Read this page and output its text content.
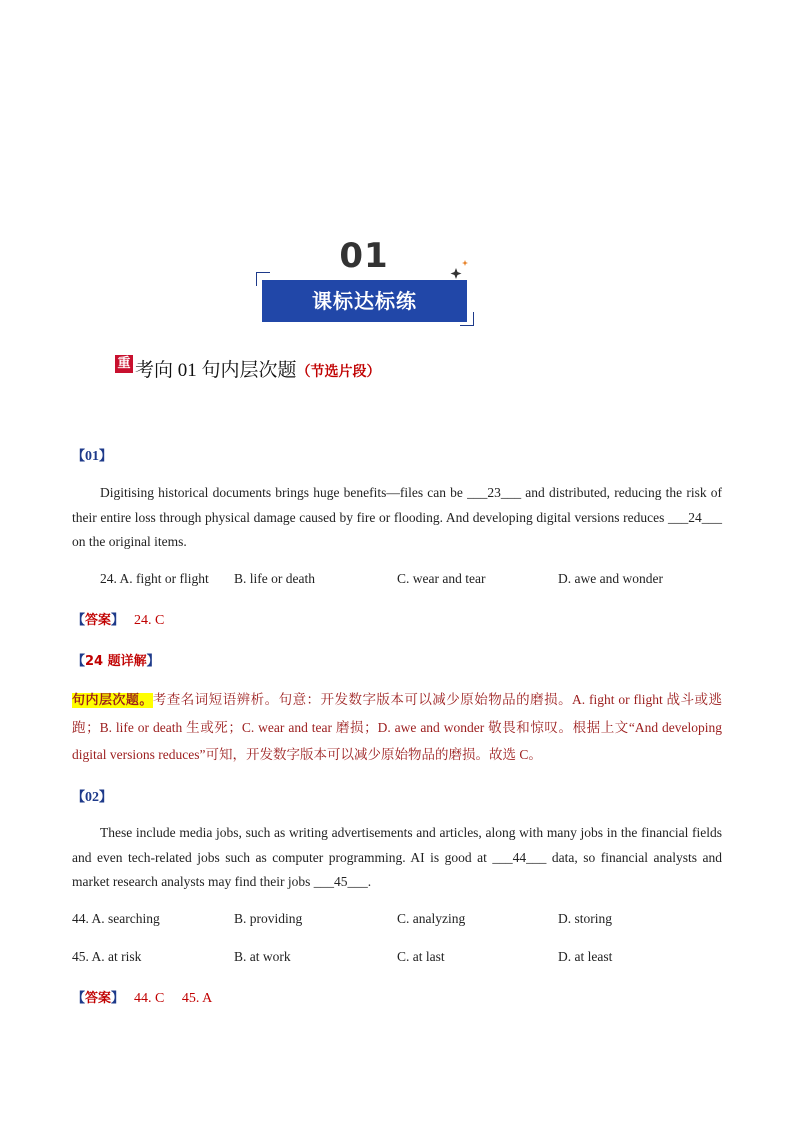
01
课标达标练
重 考向 01 句内层次题（节选片段）
【01】
Digitising historical documents brings huge benefits—files can be ___23___ and distributed, reducing the risk of their entire loss through physical damage caused by fire or flooding. And developing digital versions reduces ___24___ on the original items.
24. A. fight or flight B. life or death	C. wear and tear	D. awe and wonder
【答案】 24. C
【24 题详解】
句内层次题。考查名词短语辨析。句意：开发数字版本可以减少原始物品的磨损。A. fight or flight 战斗或逃跑；B. life or death 生或死；C. wear and tear 磨损；D. awe and wonder 敬畏和惊叹。根据上文“And developing digital versions reduces”可知，开发数字版本可以减少原始物品的磨损。故选 C。
【02】
These include media jobs, such as writing advertisements and articles, along with many jobs in the financial fields and even tech-related jobs such as computer programming. AI is good at ___44___ data, so financial analysts and market research analysts may find their jobs ___45___.
44. A. searching	B. providing	C. analyzing	D. storing
45. A. at risk	B. at work	C. at last	D. at least
【答案】 44. C     45. A
